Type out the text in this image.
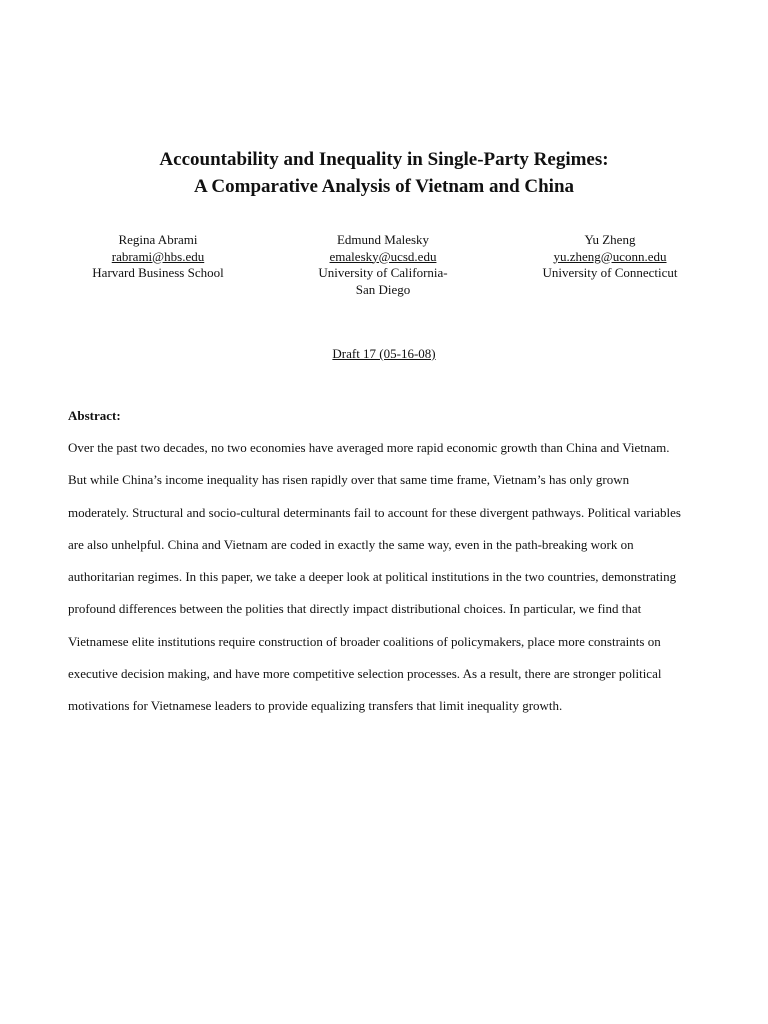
Accountability and Inequality in Single-Party Regimes:
A Comparative Analysis of Vietnam and China
Regina Abrami
rabrami@hbs.edu
Harvard Business School
Edmund Malesky
emalesky@ucsd.edu
University of California-
San Diego
Yu Zheng
yu.zheng@uconn.edu
University of Connecticut
Draft 17 (05-16-08)
Abstract:
Over the past two decades, no two economies have averaged more rapid economic growth than China and Vietnam.
But while China’s income inequality has risen rapidly over that same time frame, Vietnam’s has only grown
moderately. Structural and socio-cultural determinants fail to account for these divergent pathways. Political variables
are also unhelpful. China and Vietnam are coded in exactly the same way, even in the path-breaking work on
authoritarian regimes. In this paper, we take a deeper look at political institutions in the two countries, demonstrating
profound differences between the polities that directly impact distributional choices. In particular, we find that
Vietnamese elite institutions require construction of broader coalitions of policymakers, place more constraints on
executive decision making, and have more competitive selection processes. As a result, there are stronger political
motivations for Vietnamese leaders to provide equalizing transfers that limit inequality growth.
